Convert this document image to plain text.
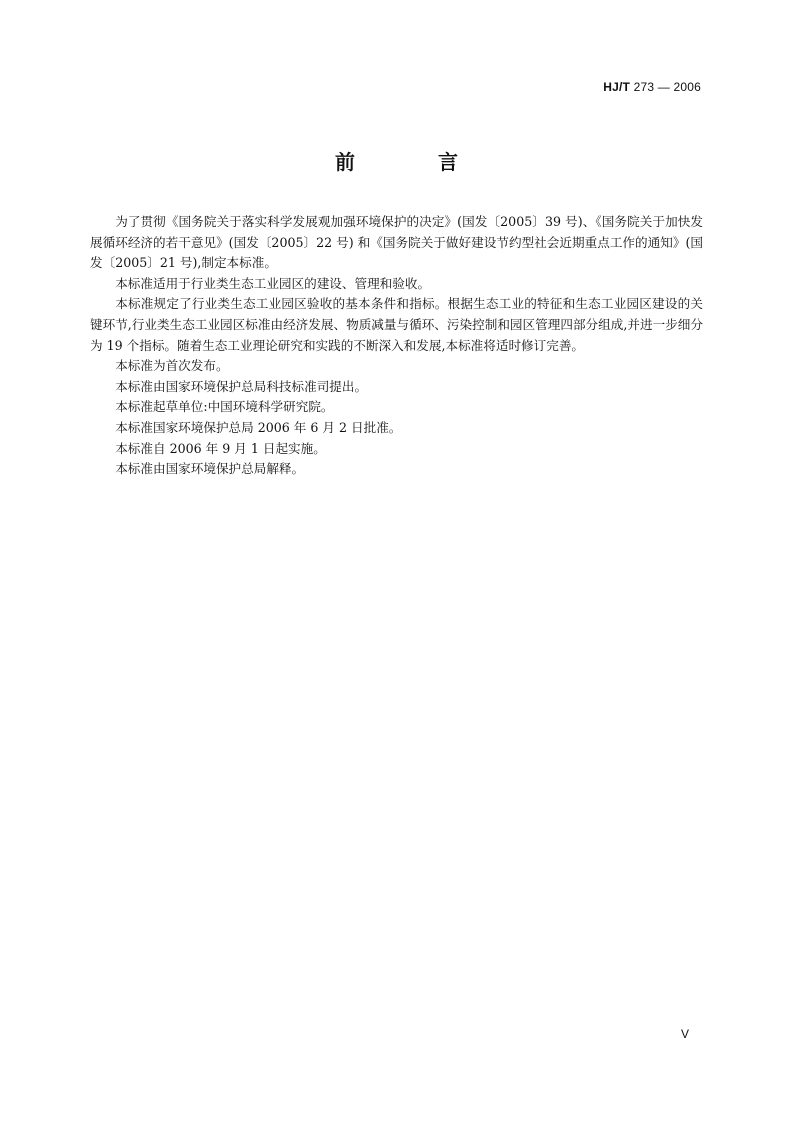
HJ/T 273 — 2006
前 言

为了贯彻《国务院关于落实科学发展观加强环境保护的决定》(国发〔2005〕39 号)、《国务院关于加快发展循环经济的若干意见》(国发〔2005〕22 号) 和《国务院关于做好建设节约型社会近期重点工作的通知》(国发〔2005〕21 号),制定本标准。

本标准适用于行业类生态工业园区的建设、管理和验收。

本标准规定了行业类生态工业园区验收的基本条件和指标。根据生态工业的特征和生态工业园区建设的关键环节,行业类生态工业园区标准由经济发展、物质减量与循环、污染控制和园区管理四部分组成,并进一步细分为 19 个指标。随着生态工业理论研究和实践的不断深入和发展,本标准将适时修订完善。

本标准为首次发布。

本标准由国家环境保护总局科技标准司提出。

本标准起草单位:中国环境科学研究院。

本标准国家环境保护总局 2006 年 6 月 2 日批准。

本标准自 2006 年 9 月 1 日起实施。

本标准由国家环境保护总局解释。

V
